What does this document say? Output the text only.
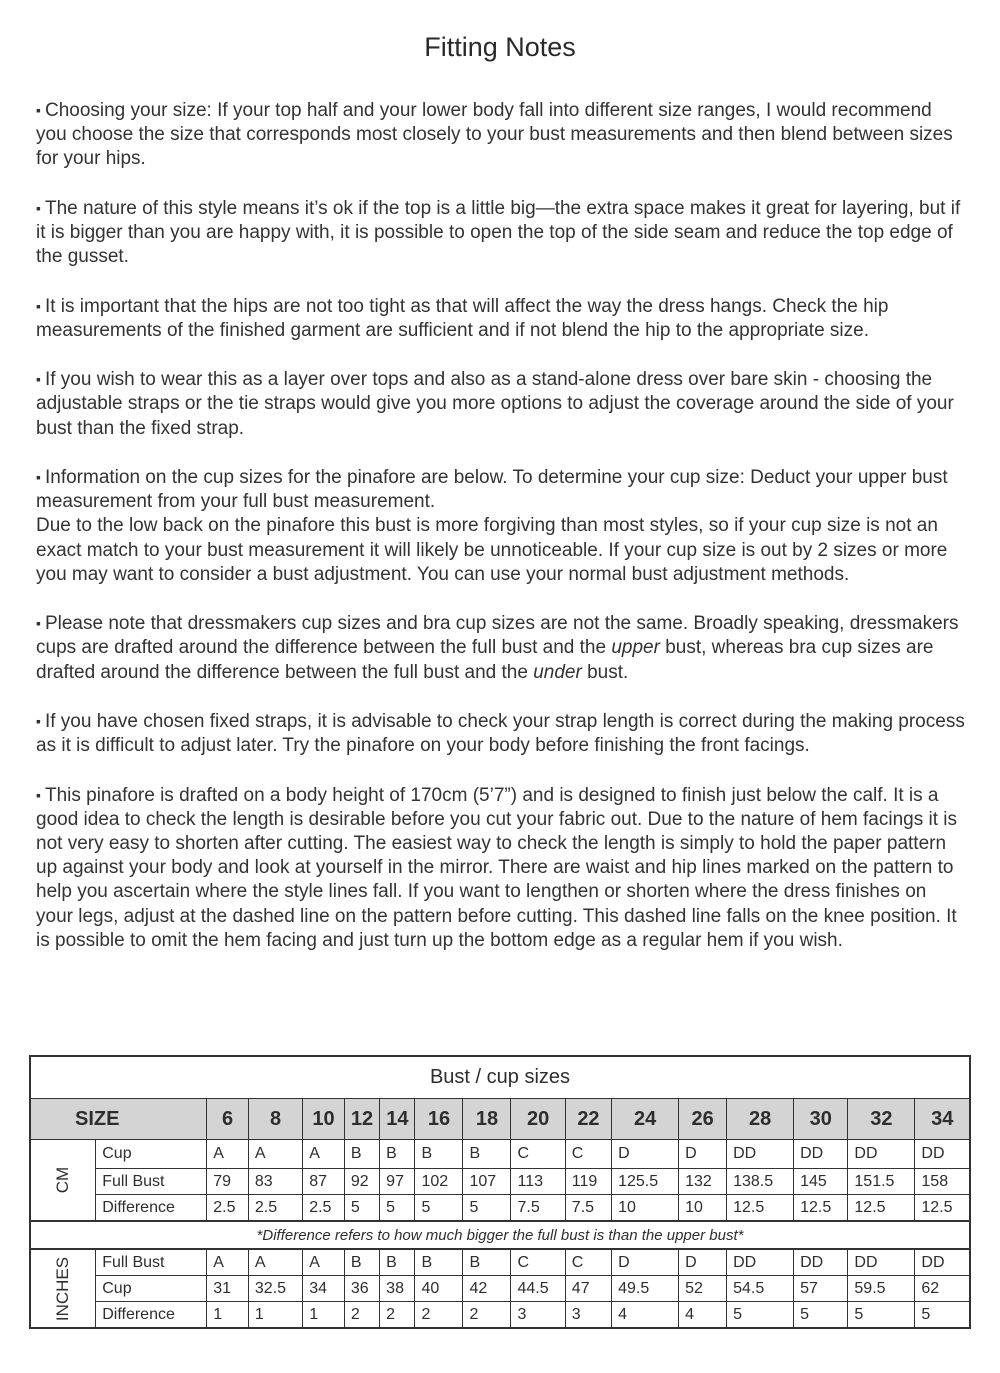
Fitting Notes

▪ Choosing your size: If your top half and your lower body fall into different size ranges, I would recommend you choose the size that corresponds most closely to your bust measurements and then blend between sizes for your hips.

▪ The nature of this style means it’s ok if the top is a little big—the extra space makes it great for layering, but if it is bigger than you are happy with, it is possible to open the top of the side seam and reduce the top edge of the gusset.

▪ It is important that the hips are not too tight as that will affect the way the dress hangs. Check the hip measurements of the finished garment are sufficient and if not blend the hip to the appropriate size.

▪ If you wish to wear this as a layer over tops and also as a stand-alone dress over bare skin - choosing the adjustable straps or the tie straps would give you more options to adjust the coverage around the side of your bust than the fixed strap.

▪ Information on the cup sizes for the pinafore are below. To determine your cup size: Deduct your upper bust measurement from your full bust measurement.
Due to the low back on the pinafore this bust is more forgiving than most styles, so if your cup size is not an exact match to your bust measurement it will likely be unnoticeable. If your cup size is out by 2 sizes or more you may want to consider a bust adjustment. You can use your normal bust adjustment methods.

▪ Please note that dressmakers cup sizes and bra cup sizes are not the same. Broadly speaking, dressmakers cups are drafted around the difference between the full bust and the upper bust, whereas bra cup sizes are drafted around the difference between the full bust and the under bust.

▪ If you have chosen fixed straps, it is advisable to check your strap length is correct during the making process as it is difficult to adjust later. Try the pinafore on your body before finishing the front facings.

▪ This pinafore is drafted on a body height of 170cm (5’7”) and is designed to finish just below the calf. It is a good idea to check the length is desirable before you cut your fabric out. Due to the nature of hem facings it is not very easy to shorten after cutting. The easiest way to check the length is simply to hold the paper pattern up against your body and look at yourself in the mirror. There are waist and hip lines marked on the pattern to help you ascertain where the style lines fall. If you want to lengthen or shorten where the dress finishes on your legs, adjust at the dashed line on the pattern before cutting. This dashed line falls on the knee position. It is possible to omit the hem facing and just turn up the bottom edge as a regular hem if you wish.

Bust / cup sizes																
SIZE		6	8	10	12	14	16	18	20	22	24	26	28	30	32	34
CM	Cup	A	A	A	B	B	B	B	C	C	D	D	DD	DD	DD	DD
	Full Bust	79	83	87	92	97	102	107	113	119	125.5	132	138.5	145	151.5	158
	Difference	2.5	2.5	2.5	5	5	5	5	7.5	7.5	10	10	12.5	12.5	12.5	12.5
*Difference refers to how much bigger the full bust is than the upper bust*																
INCHES	Full Bust	A	A	A	B	B	B	B	C	C	D	D	DD	DD	DD	DD
	Cup	31	32.5	34	36	38	40	42	44.5	47	49.5	52	54.5	57	59.5	62
	Difference	1	1	1	2	2	2	2	3	3	4	4	5	5	5	5
